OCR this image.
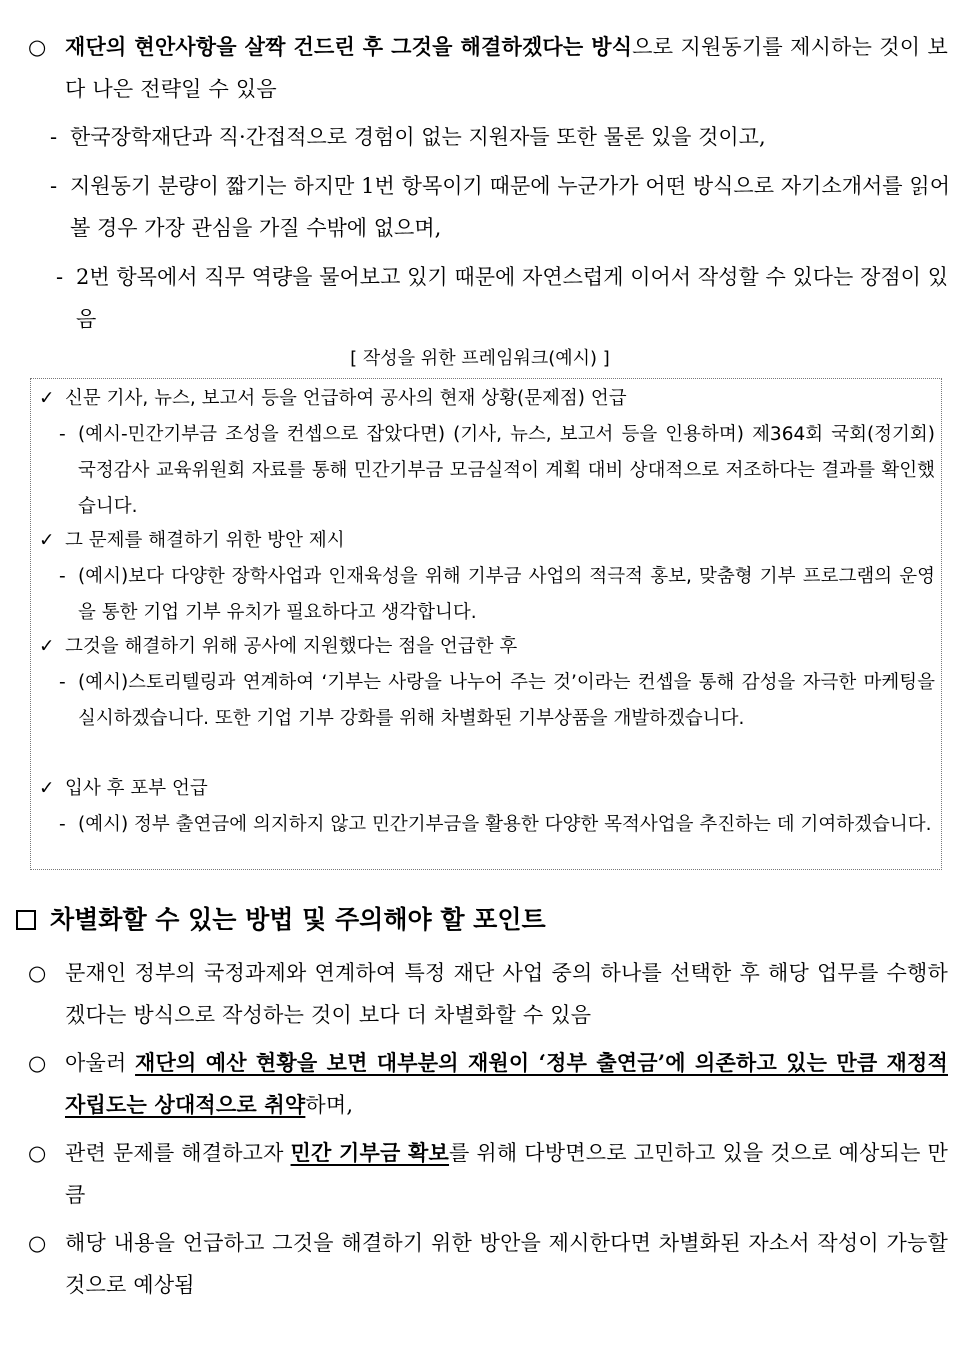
○ 재단의 현안사항을 살짝 건드린 후 그것을 해결하겠다는 방식으로 지원동기를 제시하는 것이 보다 나은 전략일 수 있음
- 한국장학재단과 직·간접적으로 경험이 없는 지원자들 또한 물론 있을 것이고,
- 지원동기 분량이 짧기는 하지만 1번 항목이기 때문에 누군가가 어떤 방식으로 자기소개서를 읽어볼 경우 가장 관심을 가질 수밖에 없으며,
- 2번 항목에서 직무 역량을 물어보고 있기 때문에 자연스럽게 이어서 작성할 수 있다는 장점이 있음
[ 작성을 위한 프레임워크(예시) ]
✓ 신문 기사, 뉴스, 보고서 등을 언급하여 공사의 현재 상황(문제점) 언급
- (예시-민간기부금 조성을 컨셉으로 잡았다면) (기사, 뉴스, 보고서 등을 인용하며) 제364회 국회(정기회) 국정감사 교육위원회 자료를 통해 민간기부금 모금실적이 계획 대비 상대적으로 저조하다는 결과를 확인했습니다.
✓ 그 문제를 해결하기 위한 방안 제시
- (예시)보다 다양한 장학사업과 인재육성을 위해 기부금 사업의 적극적 홍보, 맞춤형 기부 프로그램의 운영을 통한 기업 기부 유치가 필요하다고 생각합니다.
✓ 그것을 해결하기 위해 공사에 지원했다는 점을 언급한 후
- (예시)스토리텔링과 연계하여 ‘기부는 사랑을 나누어 주는 것’이라는 컨셉을 통해 감성을 자극한 마케팅을 실시하겠습니다. 또한 기업 기부 강화를 위해 차별화된 기부상품을 개발하겠습니다.
✓ 입사 후 포부 언급
- (예시) 정부 출연금에 의지하지 않고 민간기부금을 활용한 다양한 목적사업을 추진하는 데 기여하겠습니다.
차별화할 수 있는 방법 및 주의해야 할 포인트
○ 문재인 정부의 국정과제와 연계하여 특정 재단 사업 중의 하나를 선택한 후 해당 업무를 수행하겠다는 방식으로 작성하는 것이 보다 더 차별화할 수 있음
○ 아울러 재단의 예산 현황을 보면 대부분의 재원이 ‘정부 출연금’에 의존하고 있는 만큼 재정적 자립도는 상대적으로 취약하며,
○ 관련 문제를 해결하고자 민간 기부금 확보를 위해 다방면으로 고민하고 있을 것으로 예상되는 만큼
○ 해당 내용을 언급하고 그것을 해결하기 위한 방안을 제시한다면 차별화된 자소서 작성이 가능할 것으로 예상됨
